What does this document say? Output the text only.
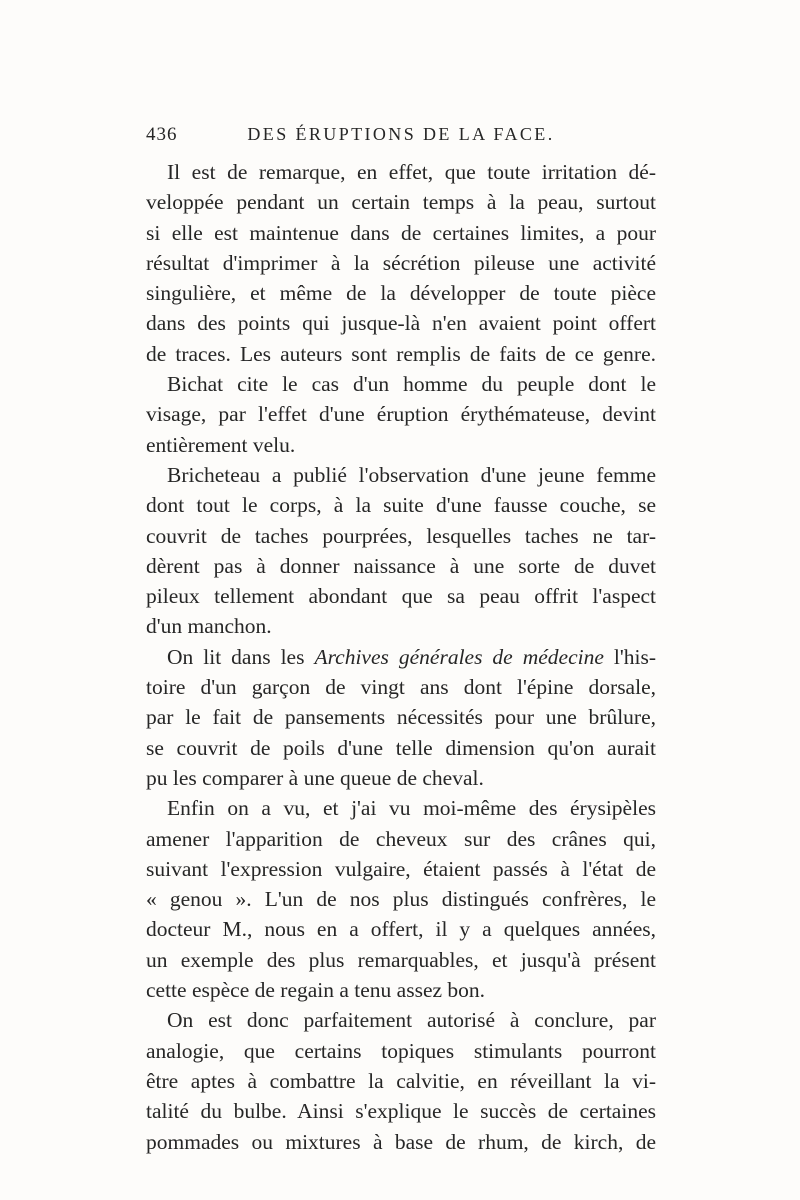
436	DES ÉRUPTIONS DE LA FACE.
Il est de remarque, en effet, que toute irritation dé-
veloppée pendant un certain temps à la peau, surtout
si elle est maintenue dans de certaines limites, a pour
résultat d'imprimer à la sécrétion pileuse une activité
singulière, et même de la développer de toute pièce
dans des points qui jusque-là n'en avaient point offert
de traces. Les auteurs sont remplis de faits de ce genre.
Bichat cite le cas d'un homme du peuple dont le
visage, par l'effet d'une éruption érythémateuse, devint
entièrement velu.
Bricheteau a publié l'observation d'une jeune femme
dont tout le corps, à la suite d'une fausse couche, se
couvrit de taches pourprées, lesquelles taches ne tar-
dèrent pas à donner naissance à une sorte de duvet
pileux tellement abondant que sa peau offrit l'aspect
d'un manchon.
On lit dans les Archives générales de médecine l'his-
toire d'un garçon de vingt ans dont l'épine dorsale,
par le fait de pansements nécessités pour une brûlure,
se couvrit de poils d'une telle dimension qu'on aurait
pu les comparer à une queue de cheval.
Enfin on a vu, et j'ai vu moi-même des érysipèles
amener l'apparition de cheveux sur des crânes qui,
suivant l'expression vulgaire, étaient passés à l'état de
« genou ». L'un de nos plus distingués confrères, le
docteur M., nous en a offert, il y a quelques années,
un exemple des plus remarquables, et jusqu'à présent
cette espèce de regain a tenu assez bon.
On est donc parfaitement autorisé à conclure, par
analogie, que certains topiques stimulants pourront
être aptes à combattre la calvitie, en réveillant la vi-
talité du bulbe. Ainsi s'explique le succès de certaines
pommades ou mixtures à base de rhum, de kirch, de
